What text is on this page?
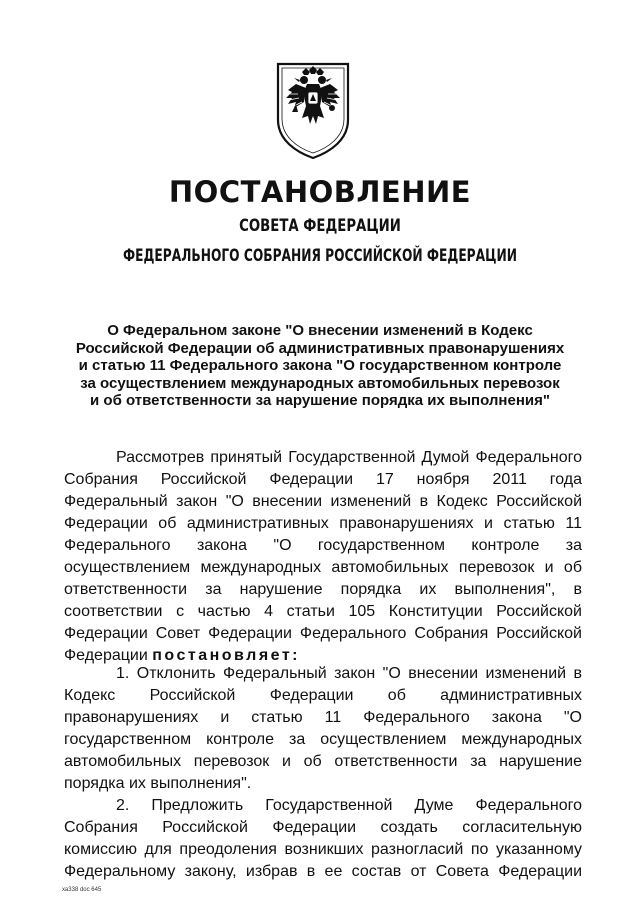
ПОСТАНОВЛЕНИЕ
СОВЕТА ФЕДЕРАЦИИ
ФЕДЕРАЛЬНОГО СОБРАНИЯ РОССИЙСКОЙ ФЕДЕРАЦИИ
О Федеральном законе "О внесении изменений в Кодекс
Российской Федерации об административных правонарушениях
и статью 11 Федерального закона "О государственном контроле
за осуществлением международных автомобильных перевозок
и об ответственности за нарушение порядка их выполнения"
Рассмотрев принятый Государственной Думой Федерального
Собрания Российской Федерации 17 ноября 2011 года
Федеральный закон "О внесении изменений в Кодекс Российской
Федерации об административных правонарушениях и статью 11
Федерального закона "О государственном контроле за
осуществлением международных автомобильных перевозок и об
ответственности за нарушение порядка их выполнения", в
соответствии с частью 4 статьи 105 Конституции Российской
Федерации Совет Федерации Федерального Собрания Российской
Федерации постановляет:
1. Отклонить Федеральный закон "О внесении изменений в
Кодекс Российской Федерации об административных
правонарушениях и статью 11 Федерального закона "О
государственном контроле за осуществлением международных
автомобильных перевозок и об ответственности за нарушение
порядка их выполнения".
2. Предложить Государственной Думе Федерального
Собрания Российской Федерации создать согласительную
комиссию для преодоления возникших разногласий по указанному
Федеральному закону, избрав в ее состав от Совета Федерации
ха338 doc 645
